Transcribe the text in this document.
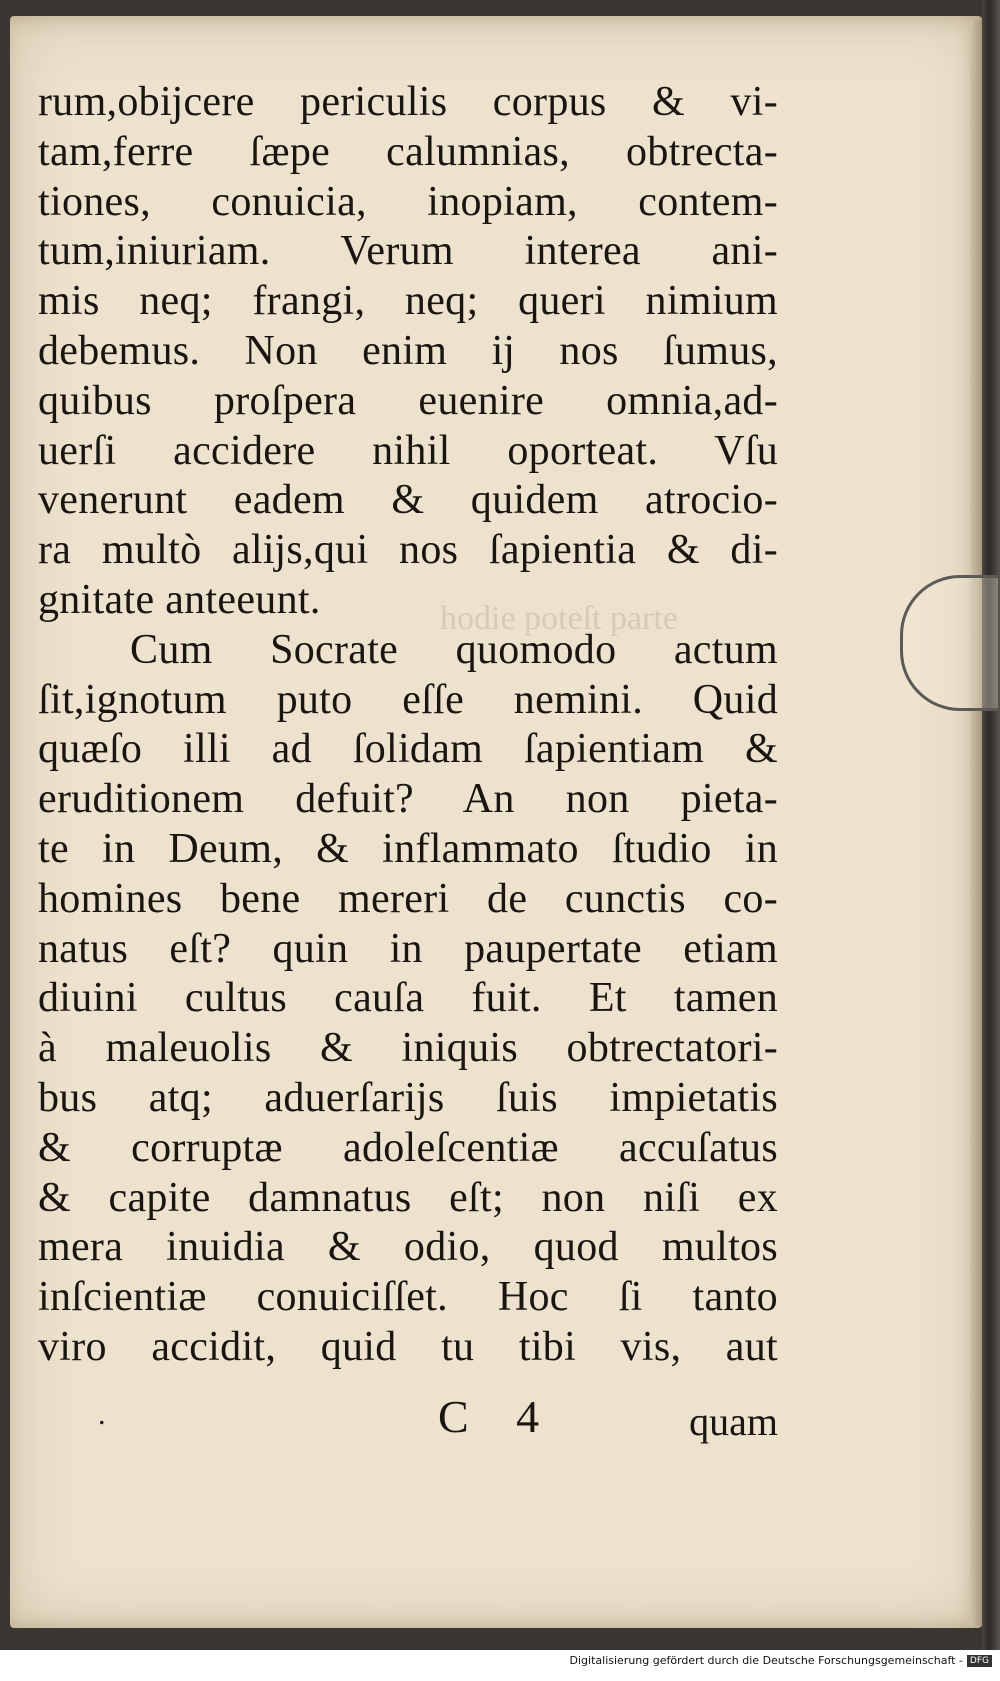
hodie poteſt parte
rum,obĳcere periculis corpus & vi-
tam,ferre ſæpe calumnias, obtrecta-
tiones, conuicia, inopiam, contem-
tum,iniuriam. Verum interea ani-
mis neq; frangi, neq; queri nimium
debemus. Non enim ĳ nos ſumus,
quibus proſpera euenire omnia,ad-
uerſi accidere nihil oporteat. Vſu
venerunt eadem & quidem atrocio-
ra multò alĳs,qui nos ſapientia & di-
gnitate anteeunt.
Cum Socrate quomodo actum
ſit,ignotum puto eſſe nemini. Quid
quæſo illi ad ſolidam ſapientiam &
eruditionem defuit? An non pieta-
te in Deum, & inflammato ſtudio in
homines bene mereri de cunctis co-
natus eſt? quin in paupertate etiam
diuini cultus cauſa fuit. Et tamen
à maleuolis & iniquis obtrectatori-
bus atq; aduerſarĳs ſuis impietatis
& corruptæ adoleſcentiæ accuſatus
& capite damnatus eſt; non niſi ex
mera inuidia & odio, quod multos
inſcientiæ conuiciſſet. Hoc ſi tanto
viro accidit, quid tu tibi vis, aut
.	C 4	quam
Digitalisierung gefördert durch die Deutsche Forschungsgemeinschaft - DFG
